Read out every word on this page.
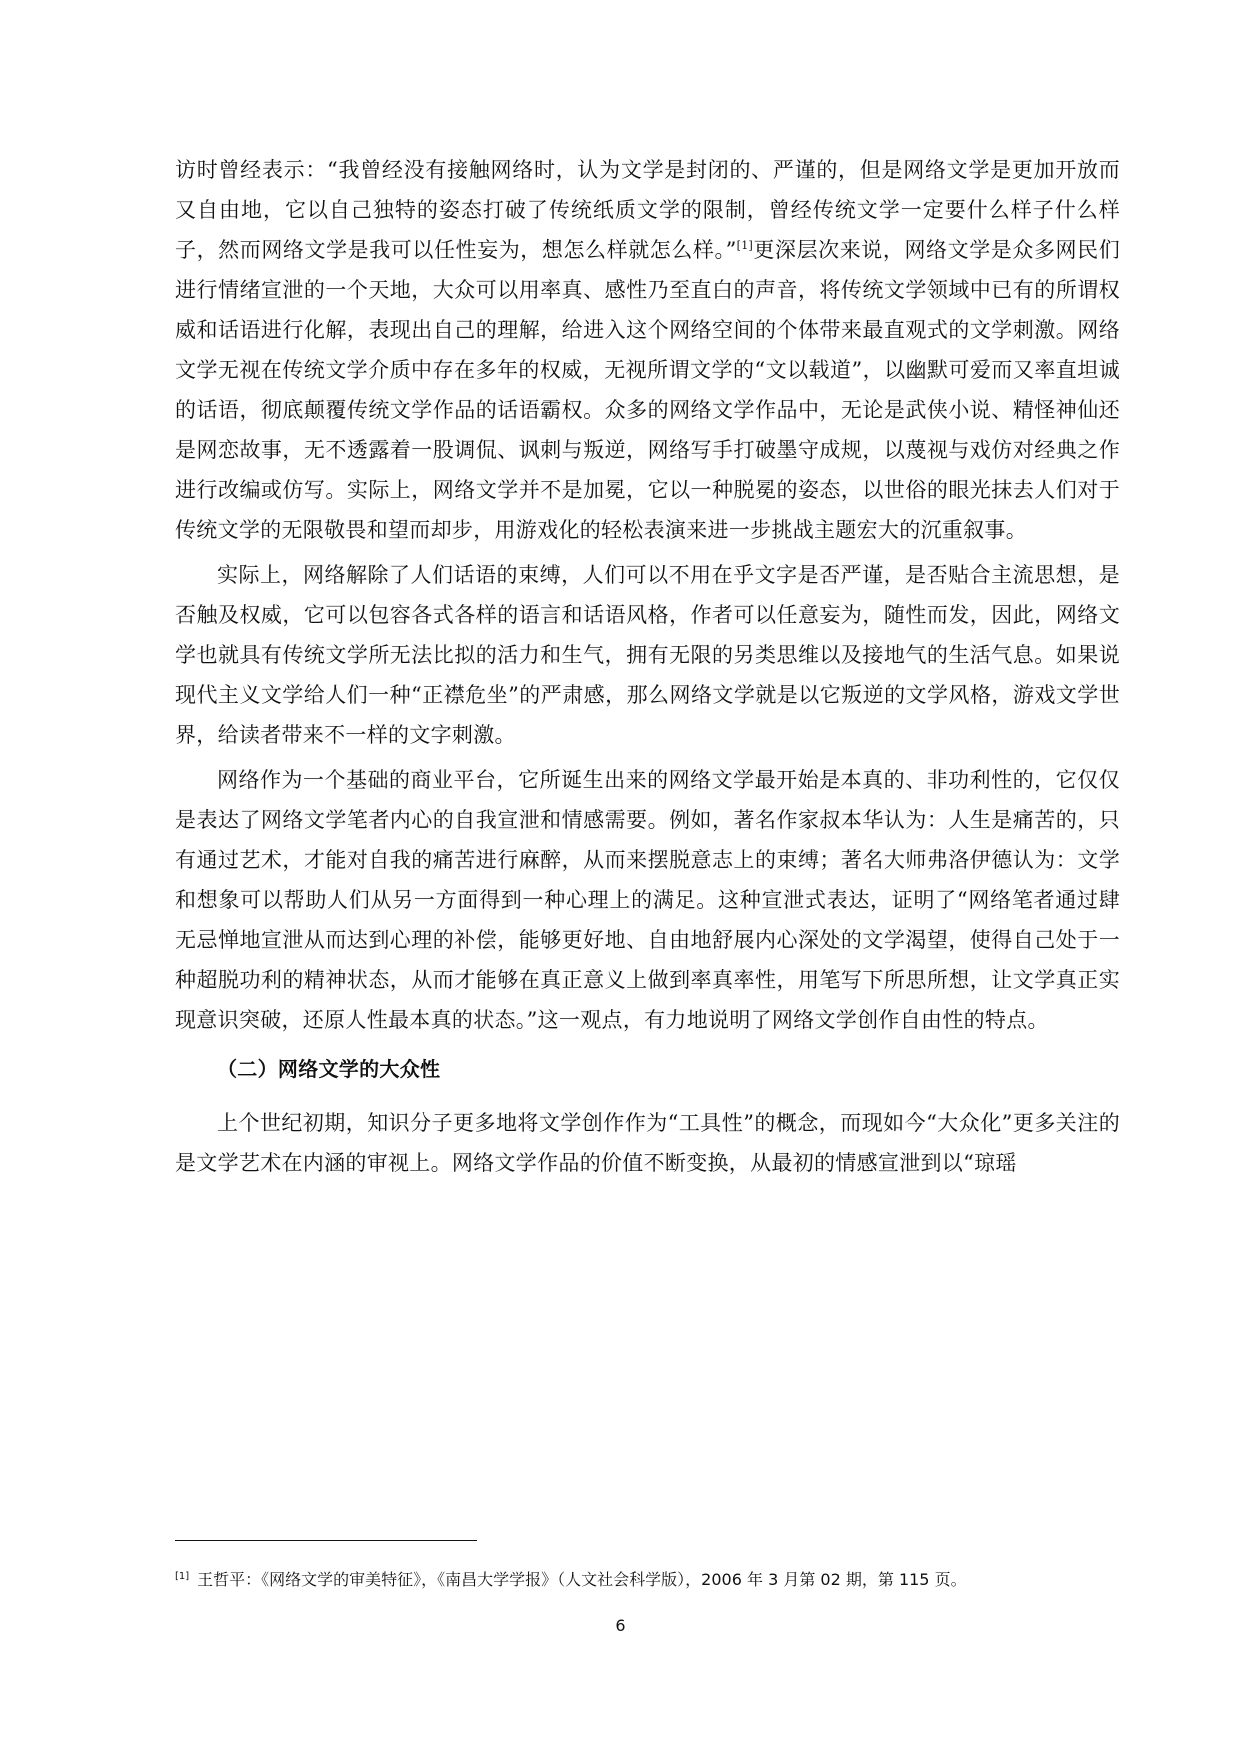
访时曾经表示：“我曾经没有接触网络时，认为文学是封闭的、严谨的，但是网络文学是更加开放而又自由地，它以自己独特的姿态打破了传统纸质文学的限制，曾经传统文学一定要什么样子什么样子，然而网络文学是我可以任性妄为，想怎么样就怎么样。”[1]更深层次来说，网络文学是众多网民们进行情绪宣泄的一个天地，大众可以用率真、感性乃至直白的声音，将传统文学领域中已有的所谓权威和话语进行化解，表现出自己的理解，给进入这个网络空间的个体带来最直观式的文学刺激。网络文学无视在传统文学介质中存在多年的权威，无视所谓文学的“文以载道”，以幽默可爱而又率直坦诚的话语，彻底颠覆传统文学作品的话语霸权。众多的网络文学作品中，无论是武侠小说、精怪神仙还是网恋故事，无不透露着一股调侃、讽刺与叛逆，网络写手打破墨守成规，以蔑视与戏仿对经典之作进行改编或仿写。实际上，网络文学并不是加冕，它以一种脱冕的姿态，以世俗的眼光抹去人们对于传统文学的无限敬畏和望而却步，用游戏化的轻松表演来进一步挑战主题宏大的沉重叙事。

实际上，网络解除了人们话语的束缚，人们可以不用在乎文字是否严谨，是否贴合主流思想，是否触及权威，它可以包容各式各样的语言和话语风格，作者可以任意妄为，随性而发，因此，网络文学也就具有传统文学所无法比拟的活力和生气，拥有无限的另类思维以及接地气的生活气息。如果说现代主义文学给人们一种“正襟危坐”的严肃感，那么网络文学就是以它叛逆的文学风格，游戏文学世界，给读者带来不一样的文字刺激。

网络作为一个基础的商业平台，它所诞生出来的网络文学最开始是本真的、非功利性的，它仅仅是表达了网络文学笔者内心的自我宣泄和情感需要。例如，著名作家叔本华认为：人生是痛苦的，只有通过艺术，才能对自我的痛苦进行麻醉，从而来摆脱意志上的束缚；著名大师弗洛伊德认为：文学和想象可以帮助人们从另一方面得到一种心理上的满足。这种宣泄式表达，证明了“网络笔者通过肆无忌惮地宣泄从而达到心理的补偿，能够更好地、自由地舒展内心深处的文学渴望，使得自己处于一种超脱功利的精神状态，从而才能够在真正意义上做到率真率性，用笔写下所思所想，让文学真正实现意识突破，还原人性最本真的状态。”这一观点，有力地说明了网络文学创作自由性的特点。

（二）网络文学的大众性

上个世纪初期，知识分子更多地将文学创作作为“工具性”的概念，而现如今“大众化”更多关注的是文学艺术在内涵的审视上。网络文学作品的价值不断变换，从最初的情感宣泄到以“琼瑶

[1] 王哲平：《网络文学的审美特征》，《南昌大学学报》（人文社会科学版），2006 年 3 月第 02 期，第 115 页。
6
